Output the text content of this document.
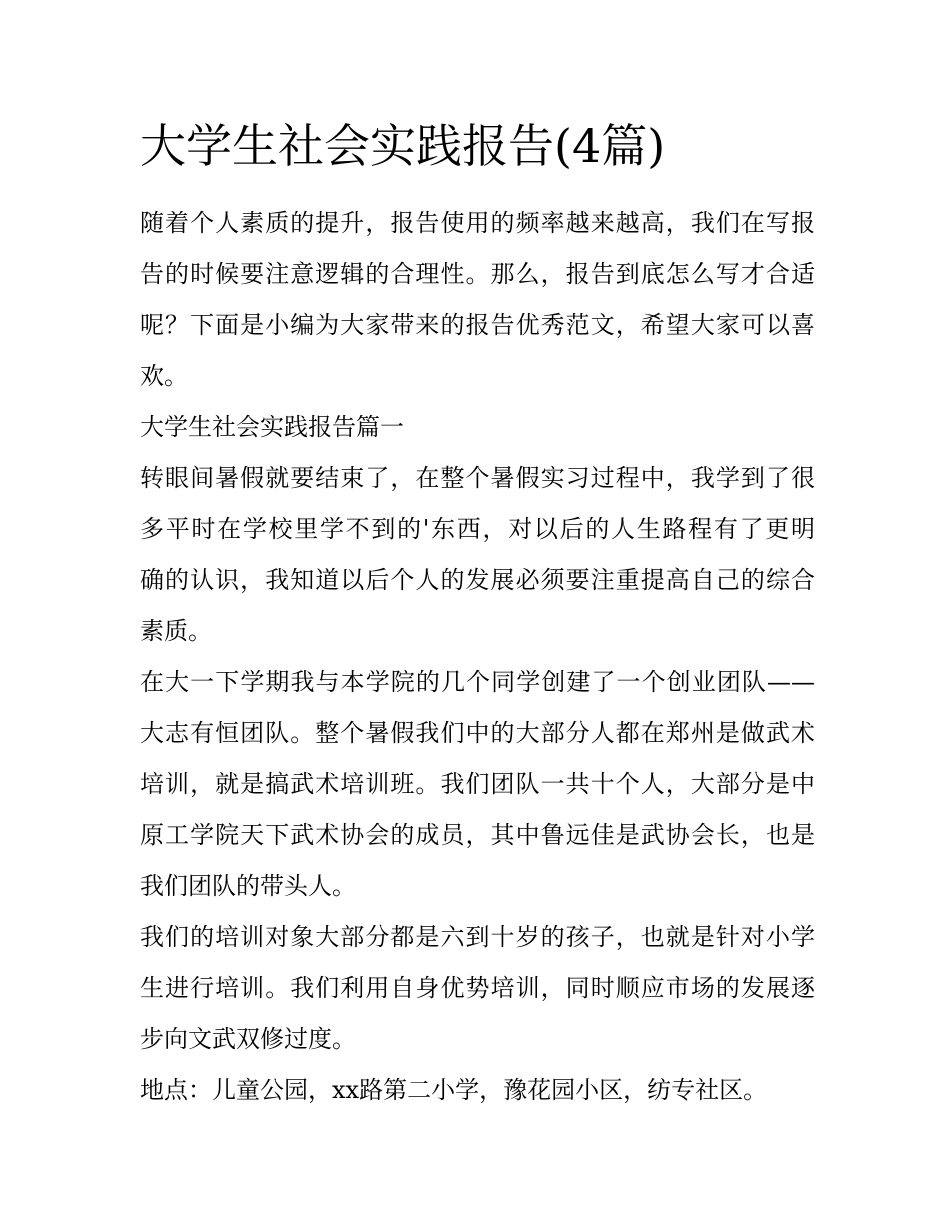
大学生社会实践报告(4篇)
随着个人素质的提升，报告使用的频率越来越高，我们在写报
告的时候要注意逻辑的合理性。那么，报告到底怎么写才合适
呢？下面是小编为大家带来的报告优秀范文，希望大家可以喜
欢。
大学生社会实践报告篇一
转眼间暑假就要结束了，在整个暑假实习过程中，我学到了很
多平时在学校里学不到的'东西，对以后的人生路程有了更明
确的认识，我知道以后个人的发展必须要注重提高自己的综合
素质。
在大一下学期我与本学院的几个同学创建了一个创业团队——
大志有恒团队。整个暑假我们中的大部分人都在郑州是做武术
培训，就是搞武术培训班。我们团队一共十个人，大部分是中
原工学院天下武术协会的成员，其中鲁远佳是武协会长，也是
我们团队的带头人。
我们的培训对象大部分都是六到十岁的孩子，也就是针对小学
生进行培训。我们利用自身优势培训，同时顺应市场的发展逐
步向文武双修过度。
地点：儿童公园，xx路第二小学，豫花园小区，纺专社区。
